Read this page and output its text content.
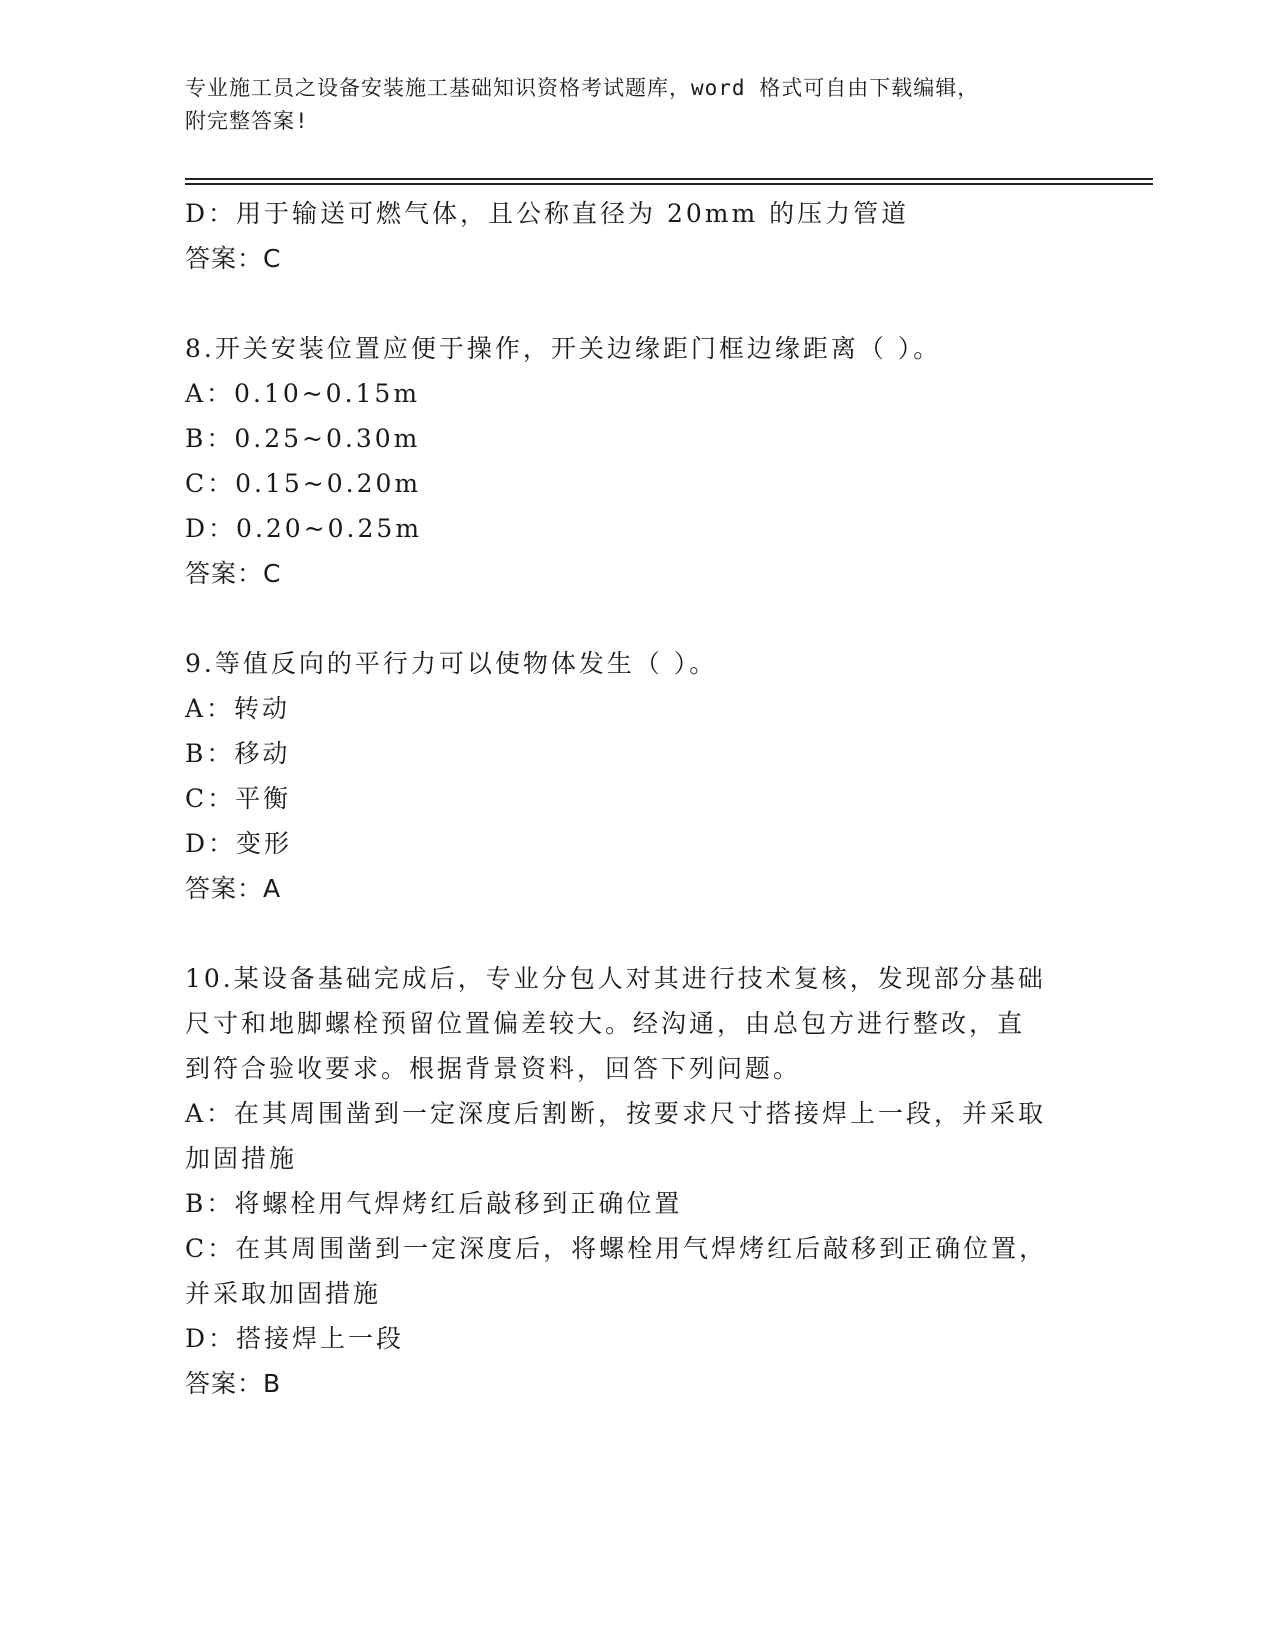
专业施工员之设备安装施工基础知识资格考试题库，word 格式可自由下载编辑，
附完整答案!
D：用于输送可燃气体，且公称直径为 20mm 的压力管道
答案：C
8.开关安装位置应便于操作，开关边缘距门框边缘距离（ ）。
A：0.10~0.15m
B：0.25~0.30m
C：0.15~0.20m
D：0.20~0.25m
答案：C
9.等值反向的平行力可以使物体发生（ ）。
A：转动
B：移动
C：平衡
D：变形
答案：A
10.某设备基础完成后，专业分包人对其进行技术复核，发现部分基础
尺寸和地脚螺栓预留位置偏差较大。经沟通，由总包方进行整改，直
到符合验收要求。根据背景资料，回答下列问题。
A：在其周围凿到一定深度后割断，按要求尺寸搭接焊上一段，并采取
加固措施
B：将螺栓用气焊烤红后敲移到正确位置
C：在其周围凿到一定深度后，将螺栓用气焊烤红后敲移到正确位置，
并采取加固措施
D：搭接焊上一段
答案：B
